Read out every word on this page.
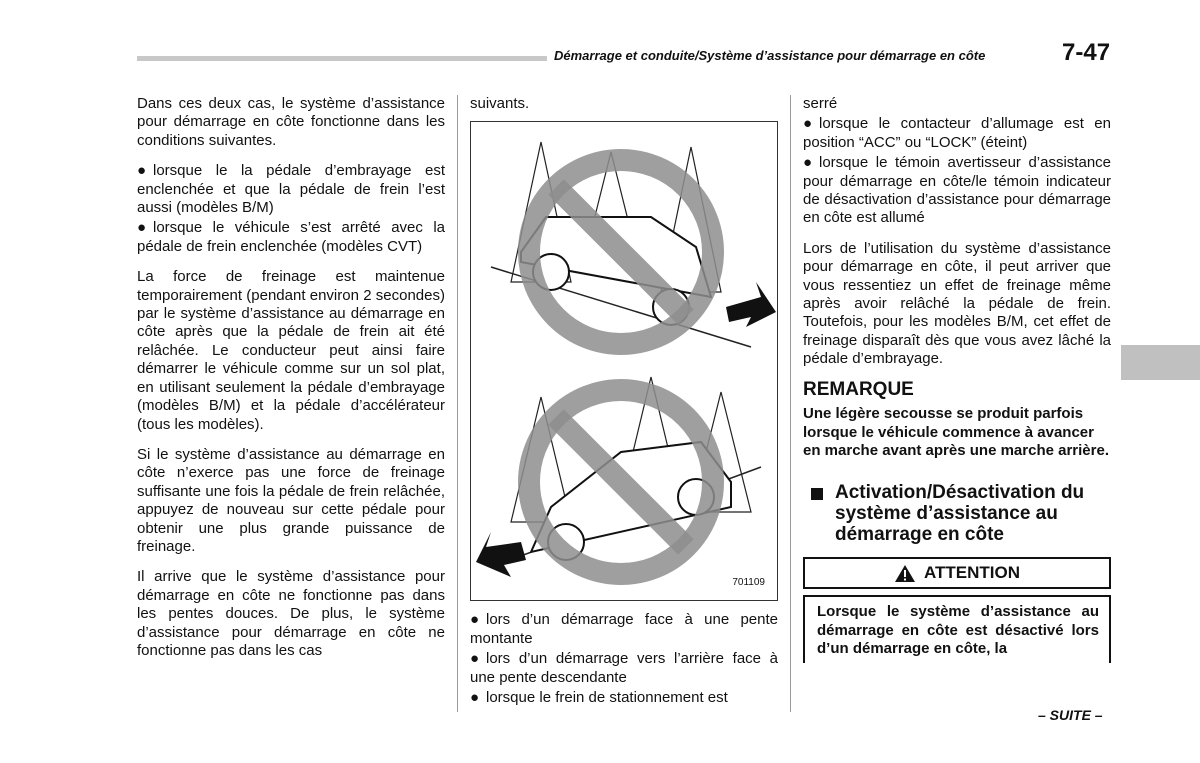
Démarrage et conduite/Système d’assistance pour démarrage en côte	7-47

Dans ces deux cas, le système d’assistance pour démarrage en côte fonctionne dans les conditions suivantes.

● lorsque le la pédale d’embrayage est enclenchée et que la pédale de frein l’est aussi (modèles B/M)
● lorsque le véhicule s’est arrêté avec la pédale de frein enclenchée (modèles CVT)

La force de freinage est maintenue temporairement (pendant environ 2 secondes) par le système d’assistance au démarrage en côte après que la pédale de frein ait été relâchée. Le conducteur peut ainsi faire démarrer le véhicule comme sur un sol plat, en utilisant seulement la pédale d’embrayage (modèles B/M) et la pédale d’accélérateur (tous les modèles).

Si le système d’assistance au démarrage en côte n’exerce pas une force de freinage suffisante une fois la pédale de frein relâchée, appuyez de nouveau sur cette pédale pour obtenir une plus grande puissance de freinage.

Il arrive que le système d’assistance pour démarrage en côte ne fonctionne pas dans les pentes douces. De plus, le système d’assistance pour démarrage en côte ne fonctionne pas dans les cas

suivants.
701109
● lors d’un démarrage face à une pente montante
● lors d’un démarrage vers l’arrière face à une pente descendante
● lorsque le frein de stationnement est
serré
● lorsque le contacteur d’allumage est en position “ACC” ou “LOCK” (éteint)
● lorsque le témoin avertisseur d’assistance pour démarrage en côte/le témoin indicateur de désactivation d’assistance pour démarrage en côte est allumé

Lors de l’utilisation du système d’assistance pour démarrage en côte, il peut arriver que vous ressentiez un effet de freinage même après avoir relâché la pédale de frein. Toutefois, pour les modèles B/M, cet effet de freinage disparaît dès que vous avez lâché la pédale d’embrayage.

REMARQUE
Une légère secousse se produit parfois lorsque le véhicule commence à avancer en marche avant après une marche arrière.
Activation/Désactivation du système d’assistance au démarrage en côte
ATTENTION
Lorsque le système d’assistance au démarrage en côte est désactivé lors d’un démarrage en côte, la
– SUITE –
